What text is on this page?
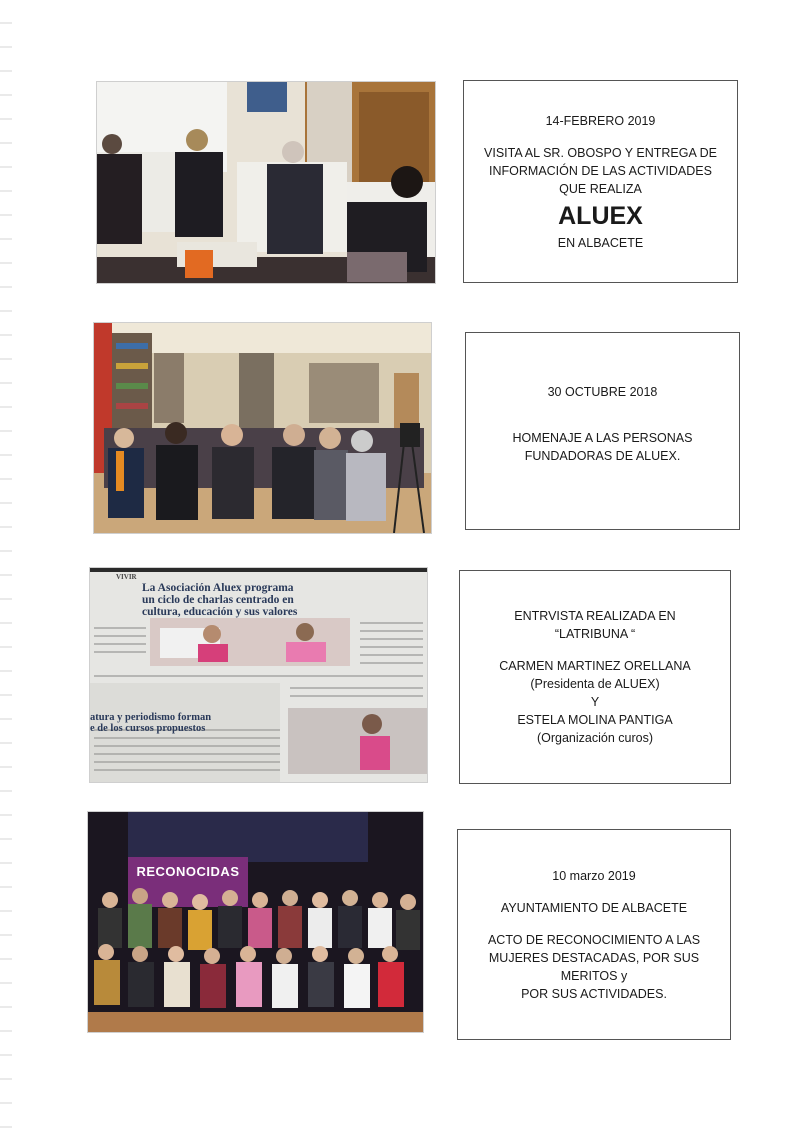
14-FEBRERO 2019
VISITA AL SR. OBOSPO Y ENTREGA DE
INFORMACIÓN DE LAS ACTIVIDADES
QUE REALIZA
ALUEX
EN ALBACETE
30 OCTUBRE 2018
HOMENAJE A LAS PERSONAS
FUNDADORAS DE ALUEX.
VIVIR
La Asociación Aluex programa
un ciclo de charlas centrado en
cultura, educación y sus valores
atura y periodismo forman
e de los cursos propuestos
ENTRVISTA REALIZADA EN
“LATRIBUNA “
CARMEN MARTINEZ ORELLANA
(Presidenta de ALUEX)
Y
ESTELA MOLINA PANTIGA
(Organización curos)
RECONOCIDAS	10 marzo 2019
AYUNTAMIENTO DE ALBACETE
ACTO DE RECONOCIMIENTO A LAS
MUJERES DESTACADAS, POR SUS
MERITOS y
POR SUS ACTIVIDADES.
